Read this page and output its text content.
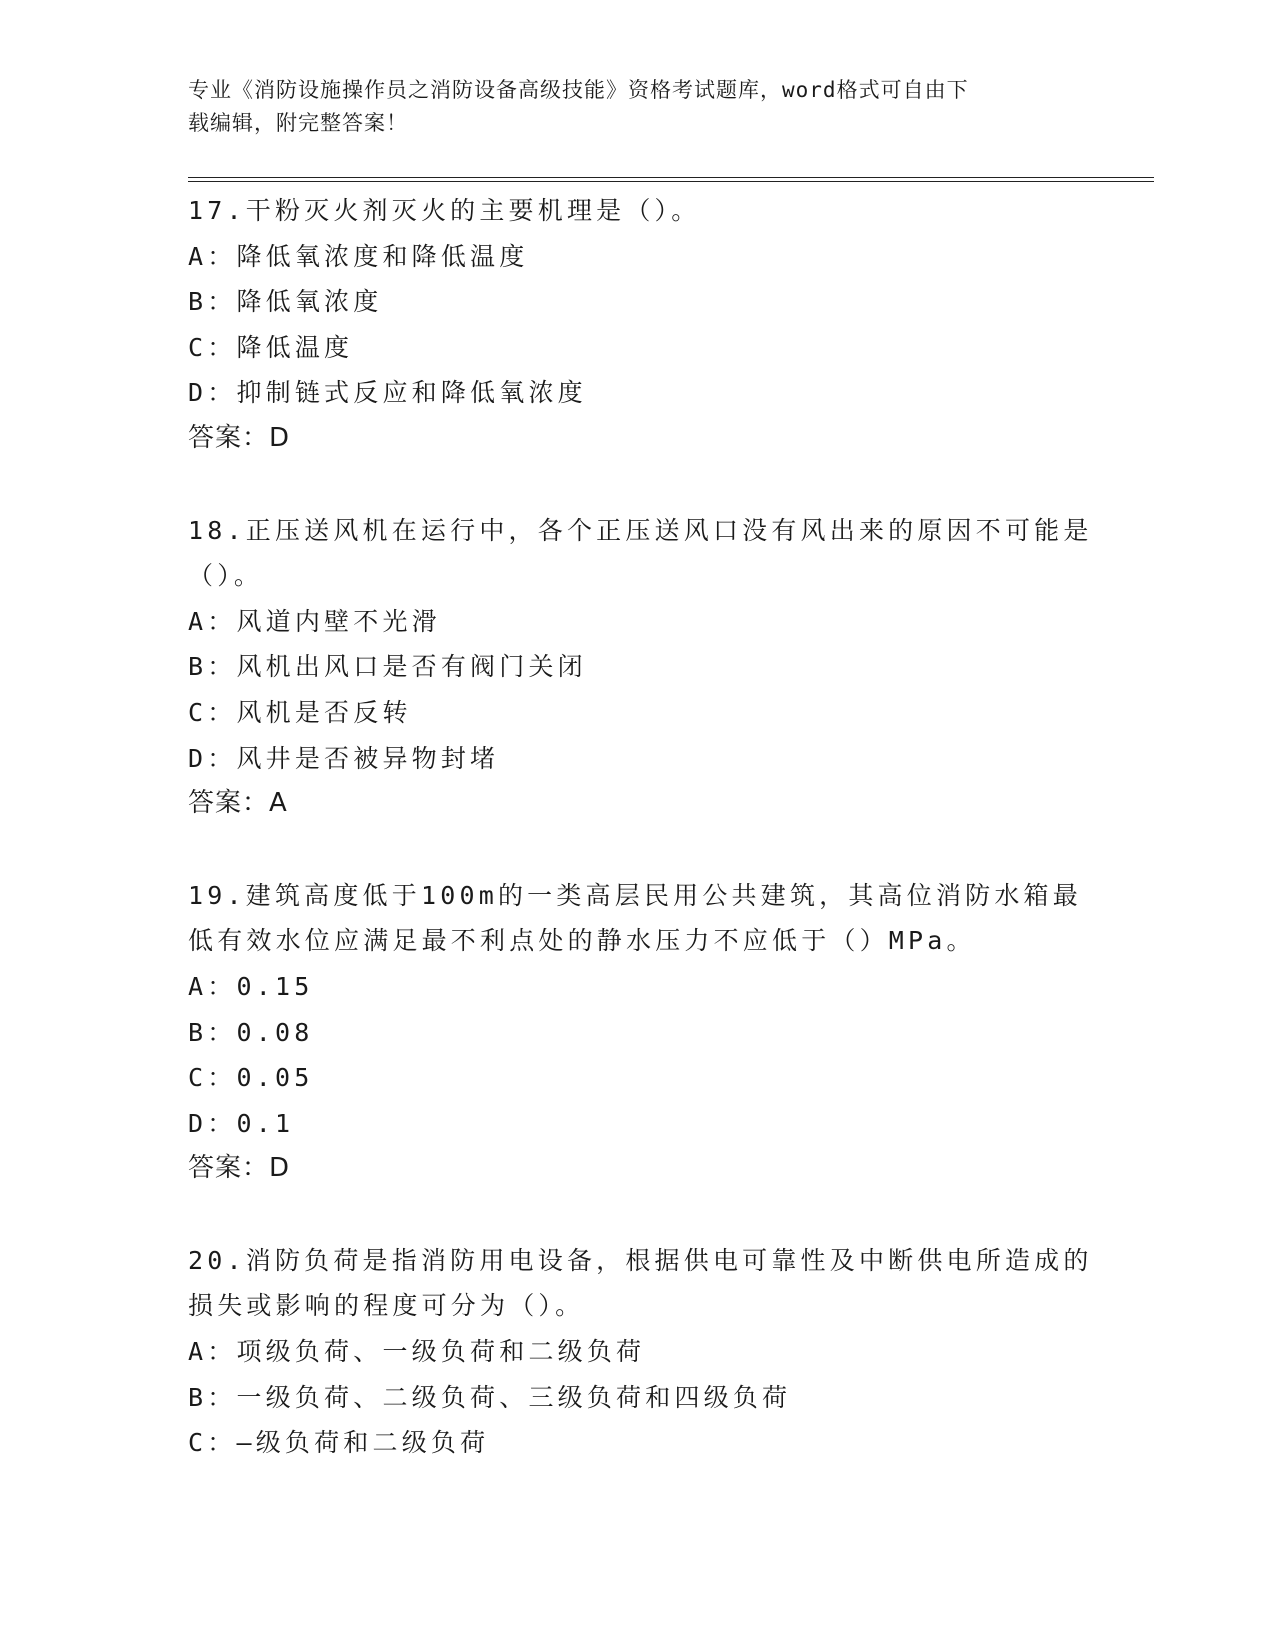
专业《消防设施操作员之消防设备高级技能》资格考试题库，word格式可自由下
载编辑，附完整答案！
17.干粉灭火剂灭火的主要机理是（）。
A：降低氧浓度和降低温度
B：降低氧浓度
C：降低温度
D：抑制链式反应和降低氧浓度
答案：D
18.正压送风机在运行中，各个正压送风口没有风出来的原因不可能是
（）。
A：风道内壁不光滑
B：风机出风口是否有阀门关闭
C：风机是否反转
D：风井是否被异物封堵
答案：A
19.建筑高度低于100m的一类高层民用公共建筑，其高位消防水箱最
低有效水位应满足最不利点处的静水压力不应低于（）MPa。
A：0.15
B：0.08
C：0.05
D：0.1
答案：D
20.消防负荷是指消防用电设备，根据供电可靠性及中断供电所造成的
损失或影响的程度可分为（）。
A：项级负荷、一级负荷和二级负荷
B：一级负荷、二级负荷、三级负荷和四级负荷
C：—级负荷和二级负荷
